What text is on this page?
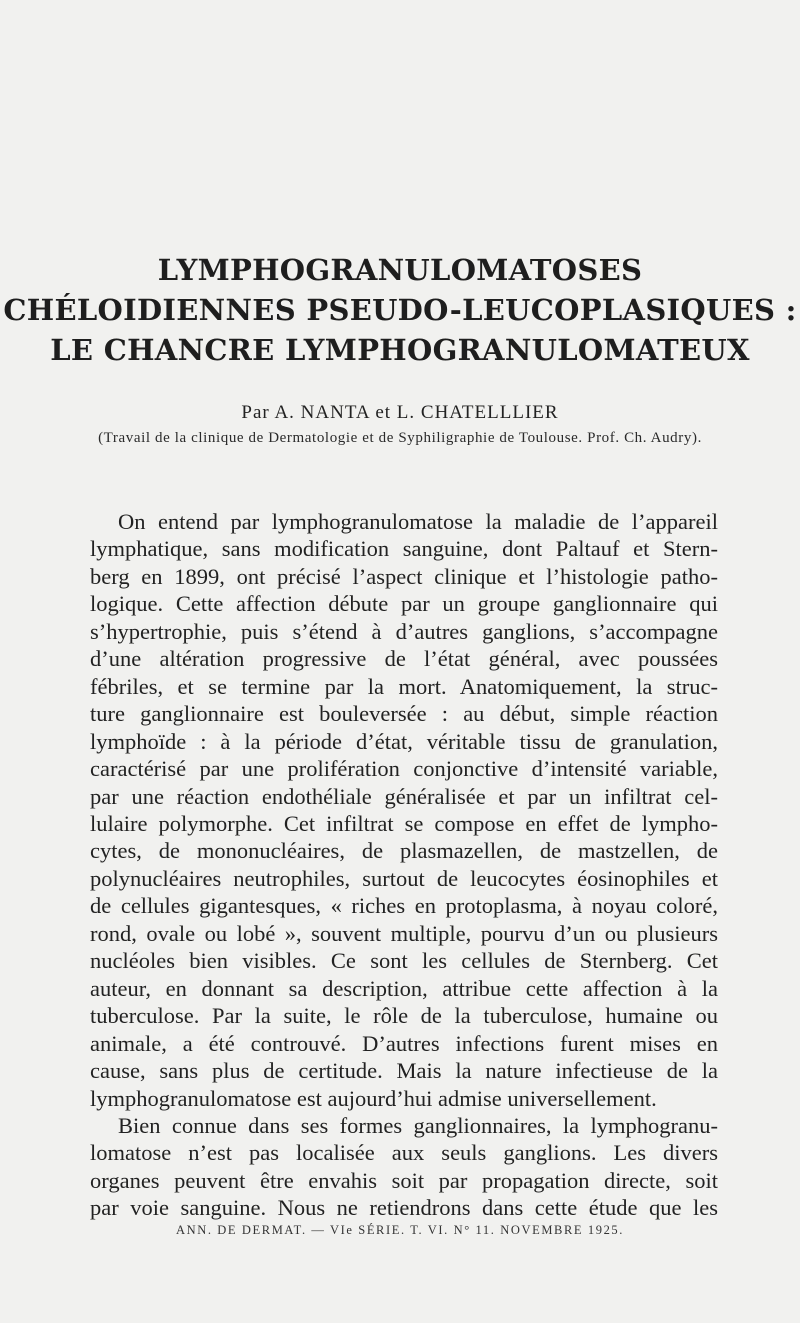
LYMPHOGRANULOMATOSES
CHÉLOIDIENNES PSEUDO-LEUCOPLASIQUES :
LE CHANCRE LYMPHOGRANULOMATEUX
Par A. NANTA et L. CHATELLLIER
(Travail de la clinique de Dermatologie et de Syphiligraphie de Toulouse. Prof. Ch. Audry).

On entend par lymphogranulomatose la maladie de l’appareil
lymphatique, sans modification sanguine, dont Paltauf et Stern-
berg en 1899, ont précisé l’aspect clinique et l’histologie patho-
logique. Cette affection débute par un groupe ganglionnaire qui
s’hypertrophie, puis s’étend à d’autres ganglions, s’accompagne
d’une altération progressive de l’état général, avec poussées
fébriles, et se termine par la mort. Anatomiquement, la struc-
ture ganglionnaire est bouleversée : au début, simple réaction
lymphoïde : à la période d’état, véritable tissu de granulation,
caractérisé par une prolifération conjonctive d’intensité variable,
par une réaction endothéliale généralisée et par un infiltrat cel-
lulaire polymorphe. Cet infiltrat se compose en effet de lympho-
cytes, de mononucléaires, de plasmazellen, de mastzellen, de
polynucléaires neutrophiles, surtout de leucocytes éosinophiles et
de cellules gigantesques, « riches en protoplasma, à noyau coloré,
rond, ovale ou lobé », souvent multiple, pourvu d’un ou plusieurs
nucléoles bien visibles. Ce sont les cellules de Sternberg. Cet
auteur, en donnant sa description, attribue cette affection à la
tuberculose. Par la suite, le rôle de la tuberculose, humaine ou
animale, a été controuvé. D’autres infections furent mises en
cause, sans plus de certitude. Mais la nature infectieuse de la
lymphogranulomatose est aujourd’hui admise universellement.

Bien connue dans ses formes ganglionnaires, la lymphogranu-
lomatose n’est pas localisée aux seuls ganglions. Les divers
organes peuvent être envahis soit par propagation directe, soit
par voie sanguine. Nous ne retiendrons dans cette étude que les

ANN. DE DERMAT. — VIe SÉRIE. T. VI. N° 11. NOVEMBRE 1925.
